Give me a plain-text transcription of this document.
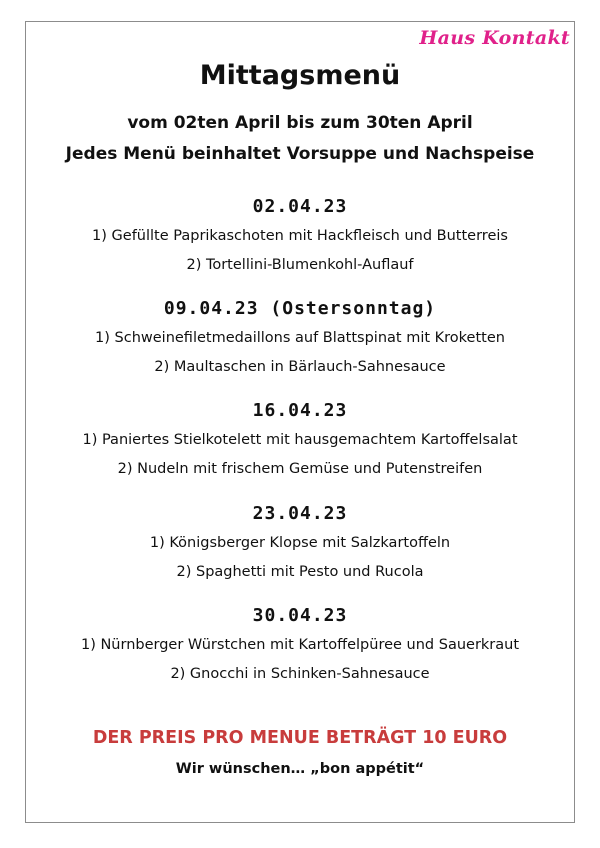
Haus Kontakt
Mittagsmenü
vom 02ten April bis zum 30ten April
Jedes Menü beinhaltet Vorsuppe und Nachspeise
02.04.23
1) Gefüllte Paprikaschoten mit Hackfleisch und Butterreis
2) Tortellini-Blumenkohl-Auflauf
09.04.23 (Ostersonntag)
1) Schweinefiletmedaillons auf Blattspinat mit Kroketten
2) Maultaschen in Bärlauch-Sahnesauce
16.04.23
1) Paniertes Stielkotelett mit hausgemachtem Kartoffelsalat
2) Nudeln mit frischem Gemüse und Putenstreifen
23.04.23
1) Königsberger Klopse mit Salzkartoffeln
2) Spaghetti mit Pesto und Rucola
30.04.23
1) Nürnberger Würstchen mit Kartoffelpüree und Sauerkraut
2) Gnocchi in Schinken-Sahnesauce
DER PREIS PRO MENUE BETRÄGT 10 EURO
Wir wünschen… „bon appétit“
